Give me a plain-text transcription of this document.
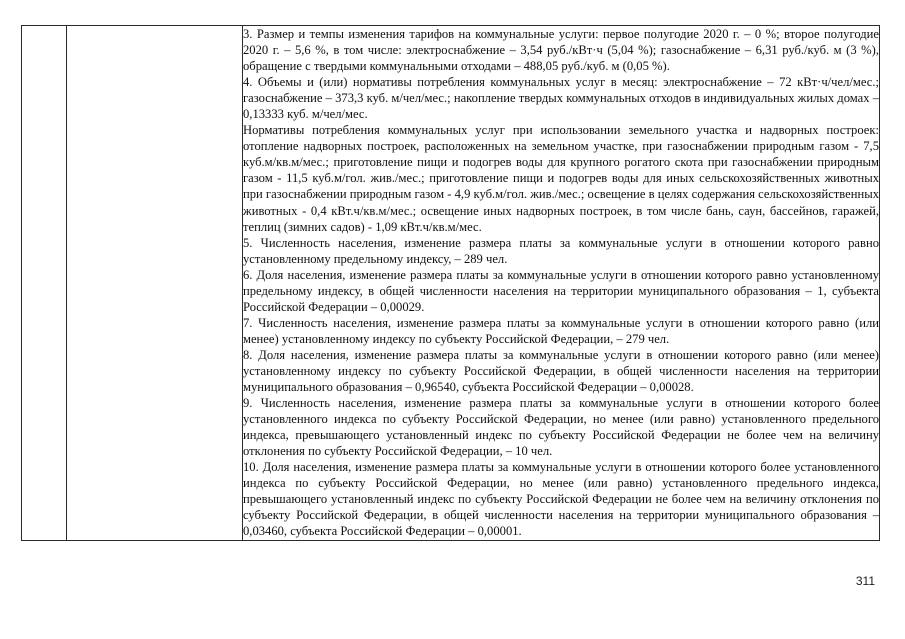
3. Размер и темпы изменения тарифов на коммунальные услуги: первое полугодие 2020 г. – 0 %; второе полугодие 2020 г. – 5,6 %, в том числе: электроснабжение – 3,54 руб./кВт·ч (5,04 %); газоснабжение – 6,31 руб./куб. м (3 %), обращение с твердыми коммунальными отходами – 488,05 руб./куб. м (0,05 %).

4. Объемы и (или) нормативы потребления коммунальных услуг в месяц: электроснабжение – 72 кВт·ч/чел/мес.; газоснабжение – 373,3 куб. м/чел/мес.; накопление твердых коммунальных отходов в индивидуальных жилых домах – 0,13333 куб. м/чел/мес.

Нормативы потребления коммунальных услуг при использовании земельного участка и надворных построек: отопление надворных построек, расположенных на земельном участке, при газоснабжении природным газом - 7,5 куб.м/кв.м/мес.; приготовление пищи и подогрев воды для крупного рогатого скота при газоснабжении природным газом - 11,5 куб.м/гол. жив./мес.; приготовление пищи и подогрев воды для иных сельскохозяйственных животных при газоснабжении природным газом - 4,9 куб.м/гол. жив./мес.; освещение в целях содержания сельскохозяйственных животных - 0,4 кВт.ч/кв.м/мес.; освещение иных надворных построек, в том числе бань, саун, бассейнов, гаражей, теплиц (зимних садов) - 1,09 кВт.ч/кв.м/мес.

5. Численность населения, изменение размера платы за коммунальные услуги в отношении которого равно установленному предельному индексу, – 289 чел.

6. Доля населения, изменение размера платы за коммунальные услуги в отношении которого равно установленному предельному индексу, в общей численности населения на территории муниципального образования – 1, субъекта Российской Федерации – 0,00029.

7. Численность населения, изменение размера платы за коммунальные услуги в отношении которого равно (или менее) установленному индексу по субъекту Российской Федерации, – 279 чел.

8. Доля населения, изменение размера платы за коммунальные услуги в отношении которого равно (или менее) установленному индексу по субъекту Российской Федерации, в общей численности населения на территории муниципального образования – 0,96540, субъекта Российской Федерации – 0,00028.

9. Численность населения, изменение размера платы за коммунальные услуги в отношении которого более установленного индекса по субъекту Российской Федерации, но менее (или равно) установленного предельного индекса, превышающего установленный индекс по субъекту Российской Федерации не более чем на величину отклонения по субъекту Российской Федерации, – 10 чел.

10. Доля населения, изменение размера платы за коммунальные услуги в отношении которого более установленного индекса по субъекту Российской Федерации, но менее (или равно) установленного предельного индекса, превышающего установленный индекс по субъекту Российской Федерации не более чем на величину отклонения по субъекту Российской Федерации, в общей численности населения на территории муниципального образования – 0,03460, субъекта Российской Федерации – 0,00001.

311
